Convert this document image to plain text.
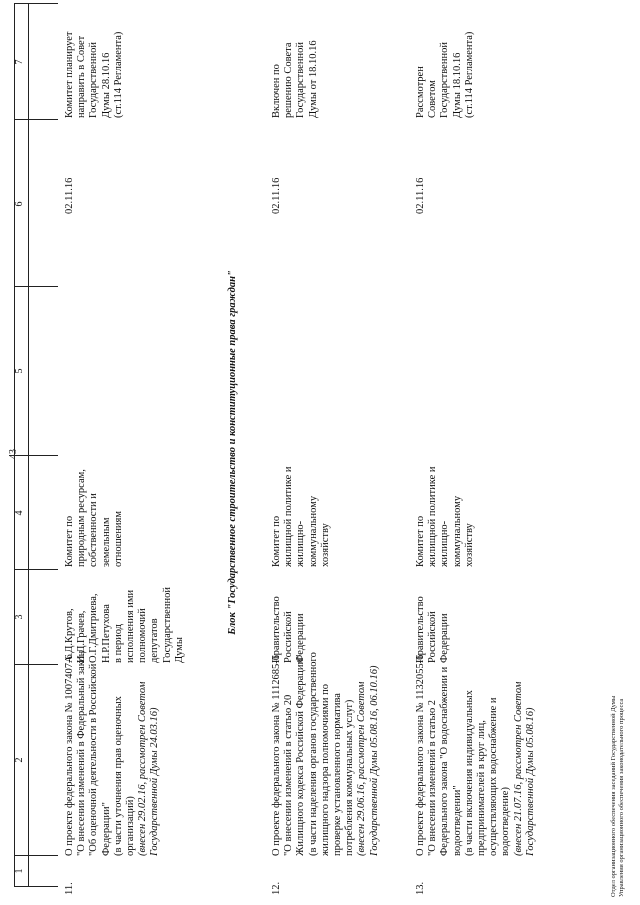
43
1
2
3
4
5
6
7
11.
О проекте федерального закона № 1007407-6 "О внесении изменений в Федеральный закон "Об оценочной деятельности в Российской Федерации" (в части уточнения прав оценочных организаций) (внесен 29.02.16, рассмотрен Советом Государственной Думы 24.03.16)
А.Д.Крутов, И.Д.Грачев, О.Г.Дмитриева, Н.Р.Петухова в период исполнения ими полномочий депутатов Государственной Думы
Комитет по природным ресурсам, собственности и земельным отношениям
02.11.16
Комитет планирует направить в Совет Государственной Думы 28.10.16 (ст.114 Регламента)
Блок "Государственное строительство и конституционные права граждан"
12.
О проекте федерального закона № 1112685-6 "О внесении изменений в статью 20 Жилищного кодекса Российской Федерации" (в части наделения органов государственного жилищного надзора полномочиями по проверке установленного норматива потребления коммунальных услуг) (внесен 29.06.16, рассмотрен Советом Государственной Думы 05.08.16, 06.10.16)
Правительство Российской Федерации
Комитет по жилищной политике и жилищно- коммунальному хозяйству
02.11.16
Включен по решению Совета Государственной Думы от 18.10.16
13.
О проекте федерального закона № 1132055-6 "О внесении изменений в статью 2 Федерального закона "О водоснабжении и водоотведении" (в части включения индивидуальных предпринимателей в круг лиц, осуществляющих водоснабжение и водоотведение) (внесен 21.07.16, рассмотрен Советом Государственной Думы 05.08.16)
Правительство Российской Федерации
Комитет по жилищной политике и жилищно- коммунальному хозяйству
02.11.16
Рассмотрен Советом Государственной Думы 18.10.16 (ст.114 Регламента)
Отдел организационного обеспечения заседаний Государственной Думы Управления организационного обеспечения законодательного процесса
